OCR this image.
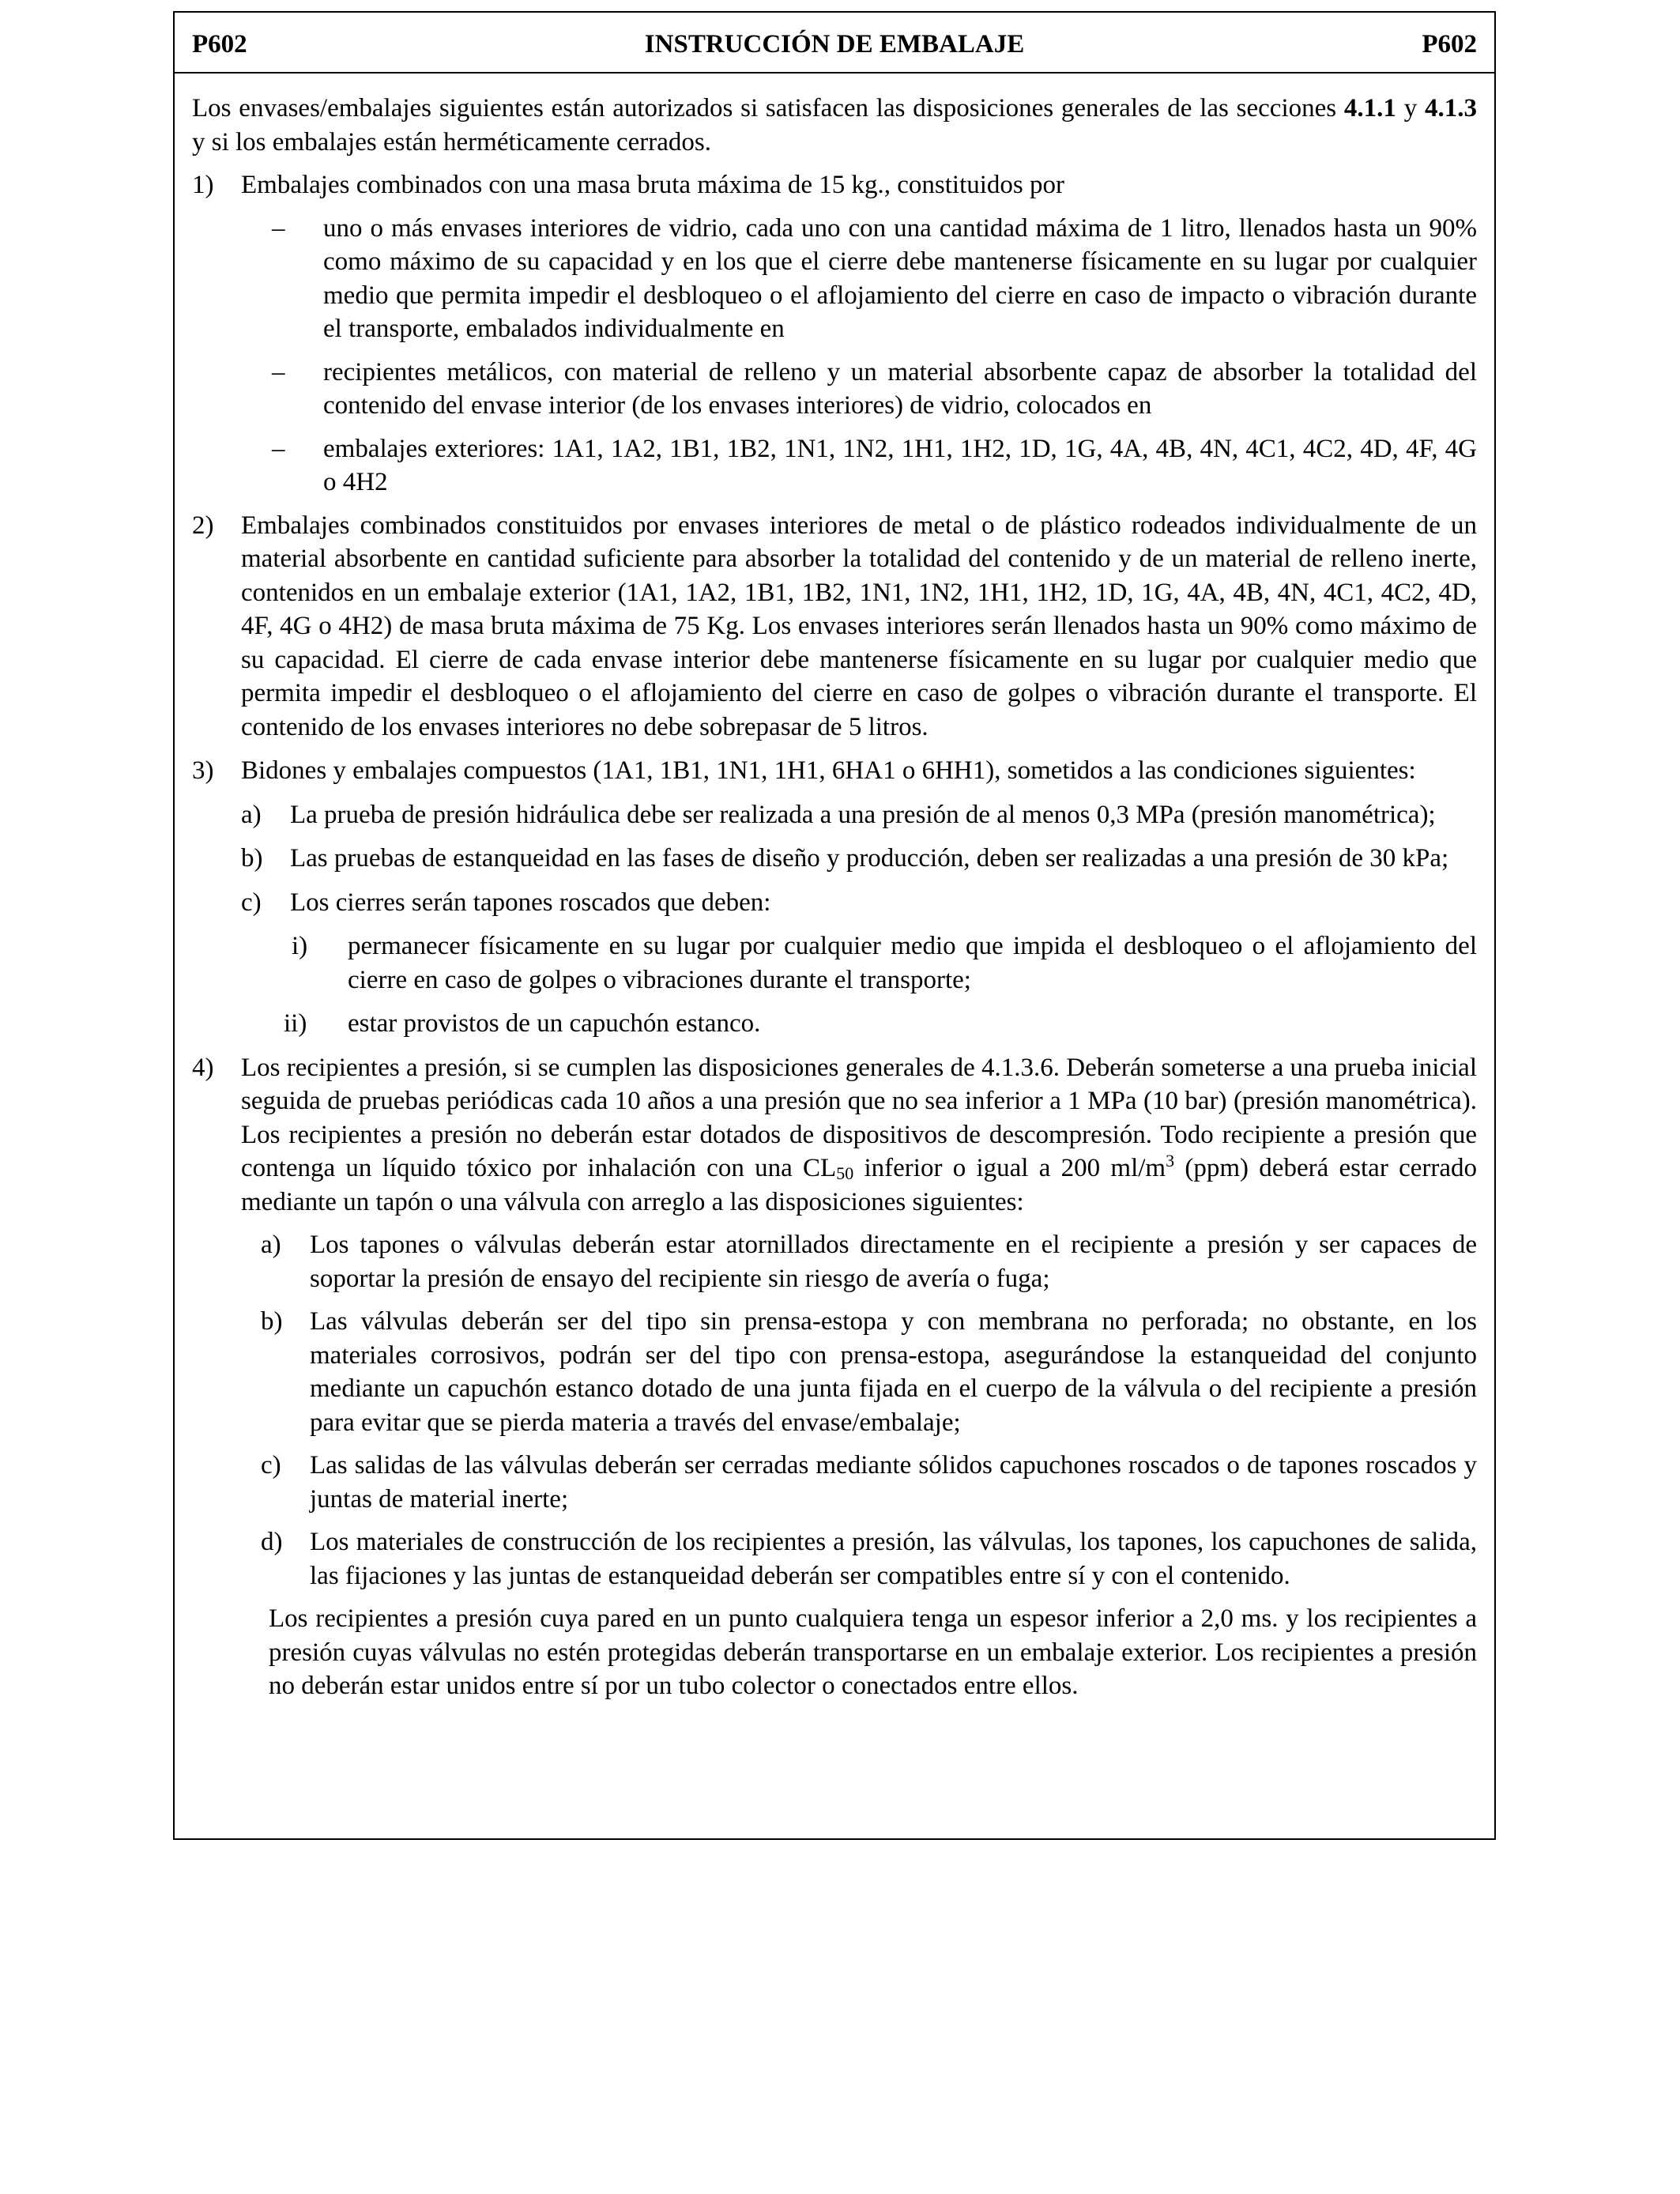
P602	INSTRUCCIÓN DE EMBALAJE	P602
Los envases/embalajes siguientes están autorizados si satisfacen las disposiciones generales de las secciones 4.1.1 y 4.1.3 y si los embalajes están herméticamente cerrados.
1) Embalajes combinados con una masa bruta máxima de 15 kg., constituidos por
– uno o más envases interiores de vidrio, cada uno con una cantidad máxima de 1 litro, llenados hasta un 90% como máximo de su capacidad y en los que el cierre debe mantenerse físicamente en su lugar por cualquier medio que permita impedir el desbloqueo o el aflojamiento del cierre en caso de impacto o vibración durante el transporte, embalados individualmente en
– recipientes metálicos, con material de relleno y un material absorbente capaz de absorber la totalidad del contenido del envase interior (de los envases interiores) de vidrio, colocados en
– embalajes exteriores: 1A1, 1A2, 1B1, 1B2, 1N1, 1N2, 1H1, 1H2, 1D, 1G, 4A, 4B, 4N, 4C1, 4C2, 4D, 4F, 4G o 4H2
2) Embalajes combinados constituidos por envases interiores de metal o de plástico rodeados individualmente de un material absorbente en cantidad suficiente para absorber la totalidad del contenido y de un material de relleno inerte, contenidos en un embalaje exterior (1A1, 1A2, 1B1, 1B2, 1N1, 1N2, 1H1, 1H2, 1D, 1G, 4A, 4B, 4N, 4C1, 4C2, 4D, 4F, 4G o 4H2) de masa bruta máxima de 75 Kg. Los envases interiores serán llenados hasta un 90% como máximo de su capacidad. El cierre de cada envase interior debe mantenerse físicamente en su lugar por cualquier medio que permita impedir el desbloqueo o el aflojamiento del cierre en caso de golpes o vibración durante el transporte. El contenido de los envases interiores no debe sobrepasar de 5 litros.
3) Bidones y embalajes compuestos (1A1, 1B1, 1N1, 1H1, 6HA1 o 6HH1), sometidos a las condiciones siguientes:
a) La prueba de presión hidráulica debe ser realizada a una presión de al menos 0,3 MPa (presión manométrica);
b) Las pruebas de estanqueidad en las fases de diseño y producción, deben ser realizadas a una presión de 30 kPa;
c) Los cierres serán tapones roscados que deben:
i) permanecer físicamente en su lugar por cualquier medio que impida el desbloqueo o el aflojamiento del cierre en caso de golpes o vibraciones durante el transporte;
ii) estar provistos de un capuchón estanco.
4) Los recipientes a presión, si se cumplen las disposiciones generales de 4.1.3.6. Deberán someterse a una prueba inicial seguida de pruebas periódicas cada 10 años a una presión que no sea inferior a 1 MPa (10 bar) (presión manométrica). Los recipientes a presión no deberán estar dotados de dispositivos de descompresión. Todo recipiente a presión que contenga un líquido tóxico por inhalación con una CL50 inferior o igual a 200 $ml/m^3$ (ppm) deberá estar cerrado mediante un tapón o una válvula con arreglo a las disposiciones siguientes:
a) Los tapones o válvulas deberán estar atornillados directamente en el recipiente a presión y ser capaces de soportar la presión de ensayo del recipiente sin riesgo de avería o fuga;
b) Las válvulas deberán ser del tipo sin prensa-estopa y con membrana no perforada; no obstante, en los materiales corrosivos, podrán ser del tipo con prensa-estopa, asegurándose la estanqueidad del conjunto mediante un capuchón estanco dotado de una junta fijada en el cuerpo de la válvula o del recipiente a presión para evitar que se pierda materia a través del envase/embalaje;
c) Las salidas de las válvulas deberán ser cerradas mediante sólidos capuchones roscados o de tapones roscados y juntas de material inerte;
d) Los materiales de construcción de los recipientes a presión, las válvulas, los tapones, los capuchones de salida, las fijaciones y las juntas de estanqueidad deberán ser compatibles entre sí y con el contenido.
Los recipientes a presión cuya pared en un punto cualquiera tenga un espesor inferior a 2,0 ms. y los recipientes a presión cuyas válvulas no estén protegidas deberán transportarse en un embalaje exterior. Los recipientes a presión no deberán estar unidos entre sí por un tubo colector o conectados entre ellos.
